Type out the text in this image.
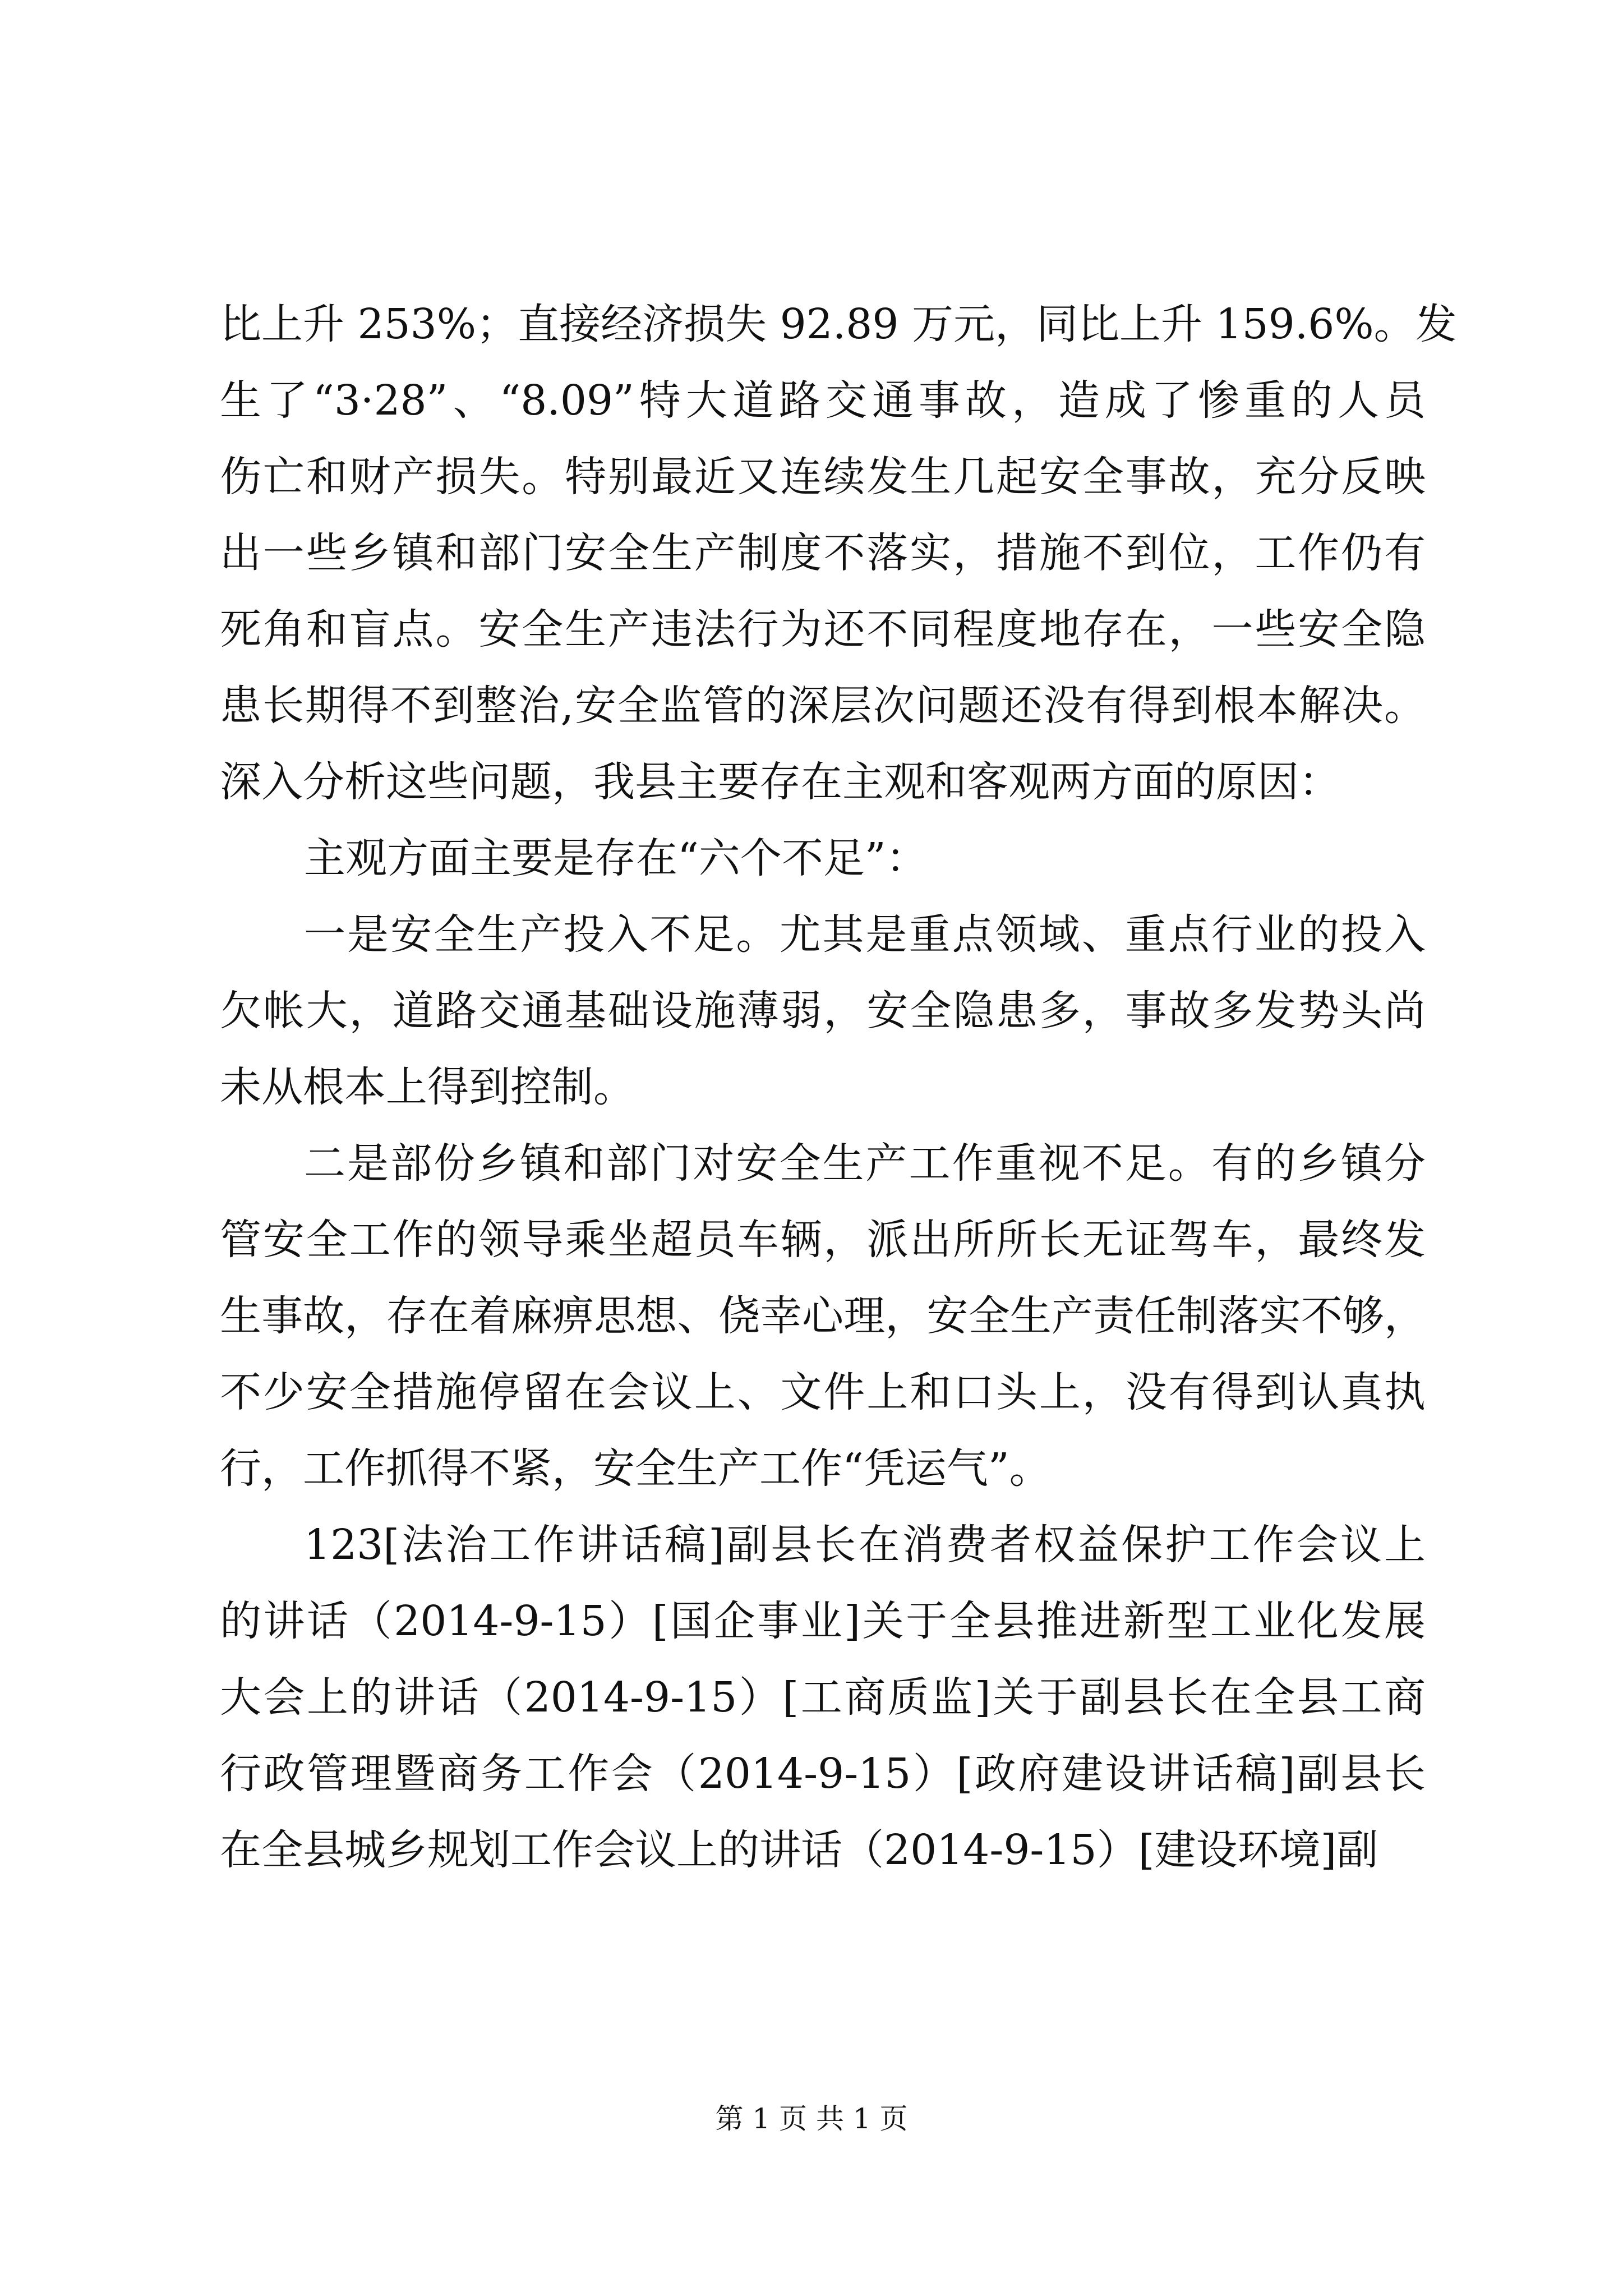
比上升 253%；直接经济损失 92.89 万元，同比上升 159.6%。发
生了“3·28”、“8.09”特大道路交通事故，造成了惨重的人员
伤亡和财产损失。特别最近又连续发生几起安全事故，充分反映
出一些乡镇和部门安全生产制度不落实，措施不到位，工作仍有
死角和盲点。安全生产违法行为还不同程度地存在，一些安全隐
患长期得不到整治,安全监管的深层次问题还没有得到根本解决。
深入分析这些问题，我县主要存在主观和客观两方面的原因：
主观方面主要是存在“六个不足”：
一是安全生产投入不足。尤其是重点领域、重点行业的投入
欠帐大，道路交通基础设施薄弱，安全隐患多，事故多发势头尚
未从根本上得到控制。
二是部份乡镇和部门对安全生产工作重视不足。有的乡镇分
管安全工作的领导乘坐超员车辆，派出所所长无证驾车，最终发
生事故，存在着麻痹思想、侥幸心理，安全生产责任制落实不够，
不少安全措施停留在会议上、文件上和口头上，没有得到认真执
行，工作抓得不紧，安全生产工作“凭运气”。
123[法治工作讲话稿]副县长在消费者权益保护工作会议上
的讲话（2014-9-15）[国企事业]关于全县推进新型工业化发展
大会上的讲话（2014-9-15）[工商质监]关于副县长在全县工商
行政管理暨商务工作会（2014-9-15）[政府建设讲话稿]副县长
在全县城乡规划工作会议上的讲话（2014-9-15）[建设环境]副
第 1 页 共 1 页
